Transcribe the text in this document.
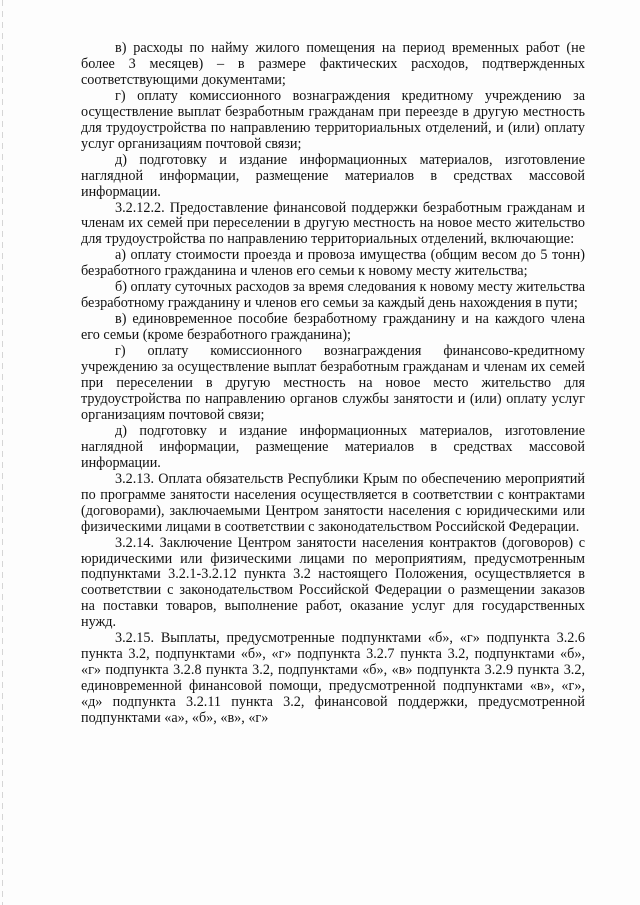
в) расходы по найму жилого помещения на период временных работ (не более 3 месяцев) – в размере фактических расходов, подтвержденных соответствующими документами;

г) оплату комиссионного вознаграждения кредитному учреждению за осуществление выплат безработным гражданам при переезде в другую местность для трудоустройства по направлению территориальных отделений, и (или) оплату услуг организациям почтовой связи;

д) подготовку и издание информационных материалов, изготовление наглядной информации, размещение материалов в средствах массовой информации.

3.2.12.2. Предоставление финансовой поддержки безработным гражданам и членам их семей при переселении в другую местность на новое место жительство для трудоустройства по направлению территориальных отделений, включающие:

а) оплату стоимости проезда и провоза имущества (общим весом до 5 тонн) безработного гражданина и членов его семьи к новому месту жительства;

б) оплату суточных расходов за время следования к новому месту жительства безработному гражданину и членов его семьи за каждый день нахождения в пути;

в) единовременное пособие безработному гражданину и на каждого члена его семьи (кроме безработного гражданина);

г) оплату комиссионного вознаграждения финансово-кредитному учреждению за осуществление выплат безработным гражданам и членам их семей при переселении в другую местность на новое место жительство для трудоустройства по направлению органов службы занятости и (или) оплату услуг организациям почтовой связи;

д) подготовку и издание информационных материалов, изготовление наглядной информации, размещение материалов в средствах массовой информации.

3.2.13. Оплата обязательств Республики Крым по обеспечению мероприятий по программе занятости населения осуществляется в соответствии с контрактами (договорами), заключаемыми Центром занятости населения с юридическими или физическими лицами в соответствии с законодательством Российской Федерации.

3.2.14. Заключение Центром занятости населения контрактов (договоров) с юридическими или физическими лицами по мероприятиям, предусмотренным подпунктами 3.2.1-3.2.12 пункта 3.2 настоящего Положения, осуществляется в соответствии с законодательством Российской Федерации о размещении заказов на поставки товаров, выполнение работ, оказание услуг для государственных нужд.

3.2.15. Выплаты, предусмотренные подпунктами «б», «г» подпункта 3.2.6 пункта 3.2, подпунктами «б», «г» подпункта 3.2.7 пункта 3.2, подпунктами «б», «г» подпункта 3.2.8 пункта 3.2, подпунктами «б», «в» подпункта 3.2.9 пункта 3.2, единовременной финансовой помощи, предусмотренной подпунктами «в», «г», «д» подпункта 3.2.11 пункта 3.2, финансовой поддержки, предусмотренной подпунктами «а», «б», «в», «г»
